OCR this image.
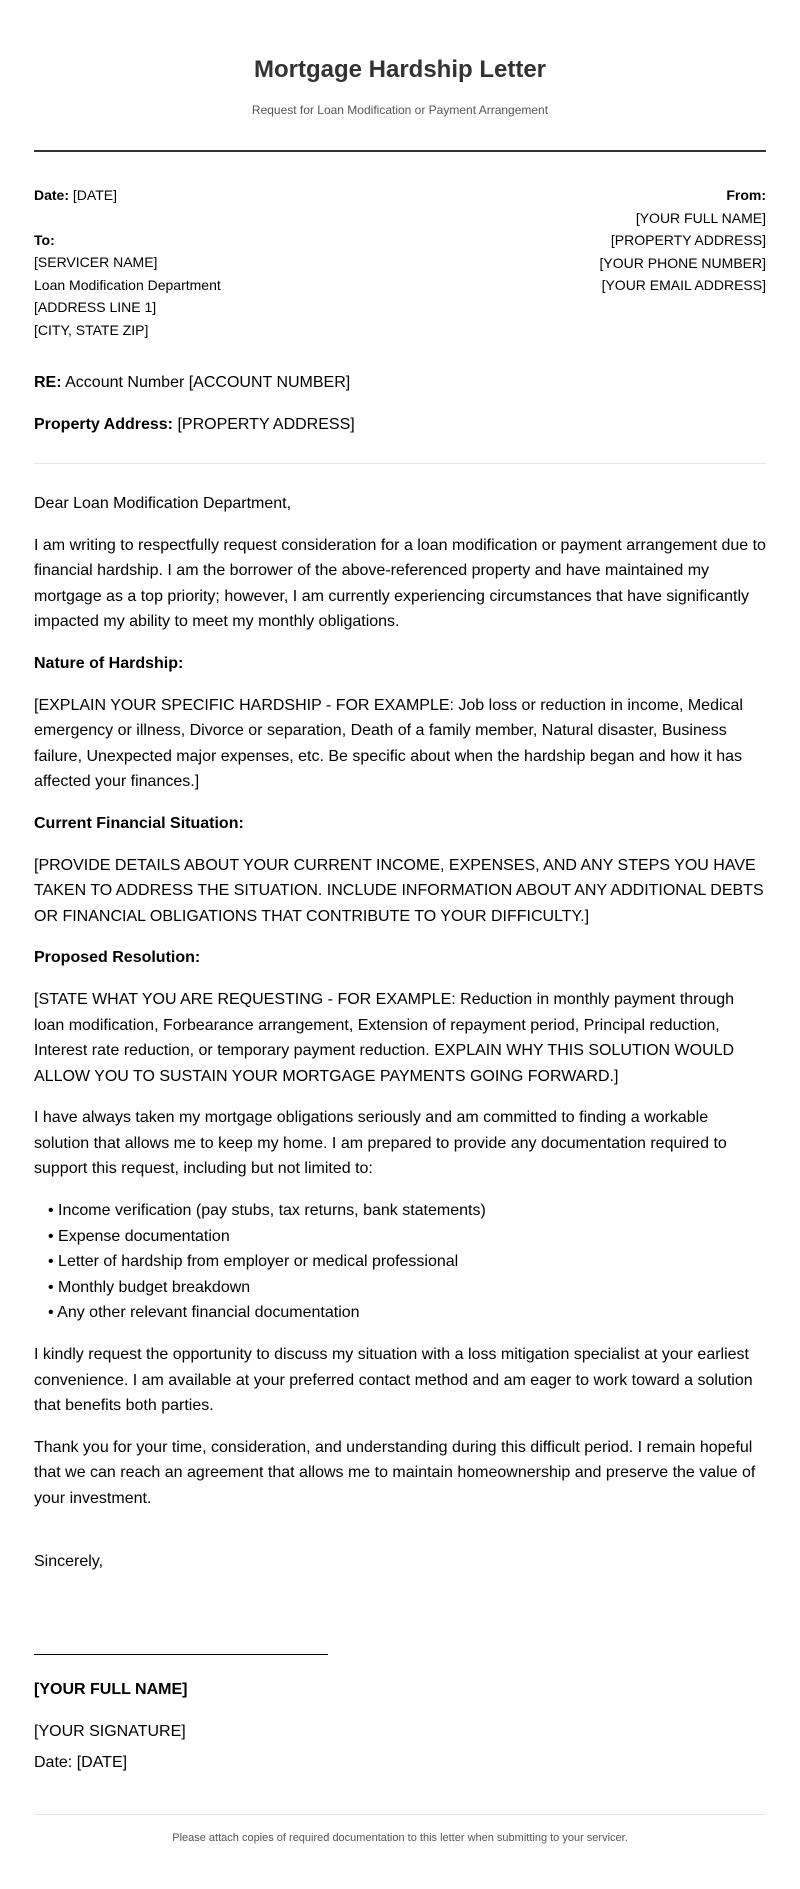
Mortgage Hardship Letter
Request for Loan Modification or Payment Arrangement
Date: [DATE]
To:
[SERVICER NAME]
Loan Modification Department
[ADDRESS LINE 1]
[CITY, STATE ZIP]
From:
[YOUR FULL NAME]
[PROPERTY ADDRESS]
[YOUR PHONE NUMBER]
[YOUR EMAIL ADDRESS]
RE: Account Number [ACCOUNT NUMBER]
Property Address: [PROPERTY ADDRESS]

Dear Loan Modification Department,

I am writing to respectfully request consideration for a loan modification or payment arrangement due to financial hardship. I am the borrower of the above-referenced property and have maintained my mortgage as a top priority; however, I am currently experiencing circumstances that have significantly impacted my ability to meet my monthly obligations.

Nature of Hardship:

[EXPLAIN YOUR SPECIFIC HARDSHIP - FOR EXAMPLE: Job loss or reduction in income, Medical emergency or illness, Divorce or separation, Death of a family member, Natural disaster, Business failure, Unexpected major expenses, etc. Be specific about when the hardship began and how it has affected your finances.]

Current Financial Situation:

[PROVIDE DETAILS ABOUT YOUR CURRENT INCOME, EXPENSES, AND ANY STEPS YOU HAVE TAKEN TO ADDRESS THE SITUATION. INCLUDE INFORMATION ABOUT ANY ADDITIONAL DEBTS OR FINANCIAL OBLIGATIONS THAT CONTRIBUTE TO YOUR DIFFICULTY.]

Proposed Resolution:

[STATE WHAT YOU ARE REQUESTING - FOR EXAMPLE: Reduction in monthly payment through loan modification, Forbearance arrangement, Extension of repayment period, Principal reduction, Interest rate reduction, or temporary payment reduction. EXPLAIN WHY THIS SOLUTION WOULD ALLOW YOU TO SUSTAIN YOUR MORTGAGE PAYMENTS GOING FORWARD.]

I have always taken my mortgage obligations seriously and am committed to finding a workable solution that allows me to keep my home. I am prepared to provide any documentation required to support this request, including but not limited to:

• Income verification (pay stubs, tax returns, bank statements)
• Expense documentation
• Letter of hardship from employer or medical professional
• Monthly budget breakdown
• Any other relevant financial documentation

I kindly request the opportunity to discuss my situation with a loss mitigation specialist at your earliest convenience. I am available at your preferred contact method and am eager to work toward a solution that benefits both parties.

Thank you for your time, consideration, and understanding during this difficult period. I remain hopeful that we can reach an agreement that allows me to maintain homeownership and preserve the value of your investment.

Sincerely,
[YOUR FULL NAME]
[YOUR SIGNATURE]
Date: [DATE]
Please attach copies of required documentation to this letter when submitting to your servicer.
